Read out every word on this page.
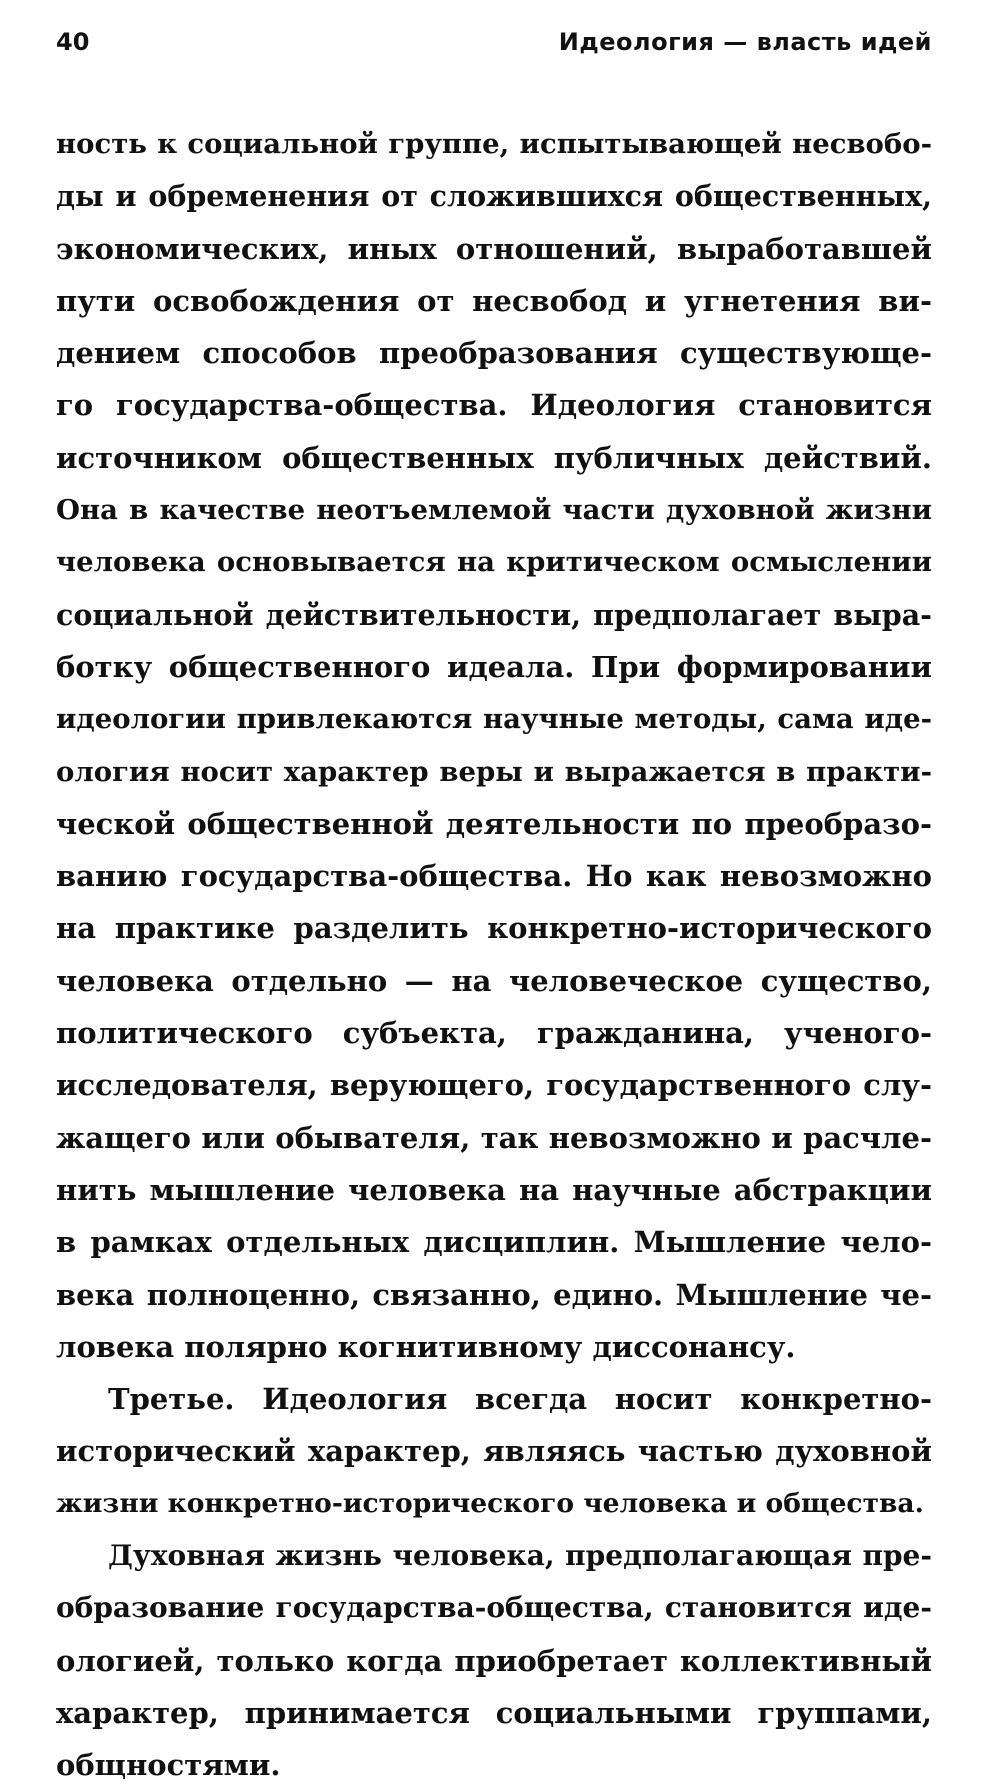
40	Идеология — власть идей

ность к социальной группе, испытывающей несвобо-
ды и обременения от сложившихся общественных,
экономических, иных отношений, выработавшей
пути освобождения от несвобод и угнетения ви-
дением способов преобразования существующе-
го государства-общества. Идеология становится
источником общественных публичных действий.
Она в качестве неотъемлемой части духовной жизни
человека основывается на критическом осмыслении
социальной действительности, предполагает выра-
ботку общественного идеала. При формировании
идеологии привлекаются научные методы, сама иде-
ология носит характер веры и выражается в практи-
ческой общественной деятельности по преобразо-
ванию государства-общества. Но как невозможно
на практике разделить конкретно-исторического
человека отдельно — на человеческое существо,
политического субъекта, гражданина, ученого-
исследователя, верующего, государственного слу-
жащего или обывателя, так невозможно и расчле-
нить мышление человека на научные абстракции
в рамках отдельных дисциплин. Мышление чело-
века полноценно, связанно, едино. Мышление че-
ловека полярно когнитивному диссонансу.

Третье. Идеология всегда носит конкретно-
исторический характер, являясь частью духовной
жизни конкретно-исторического человека и общества.

Духовная жизнь человека, предполагающая пре-
образование государства-общества, становится иде-
ологией, только когда приобретает коллективный
характер, принимается социальными группами,
общностями.
